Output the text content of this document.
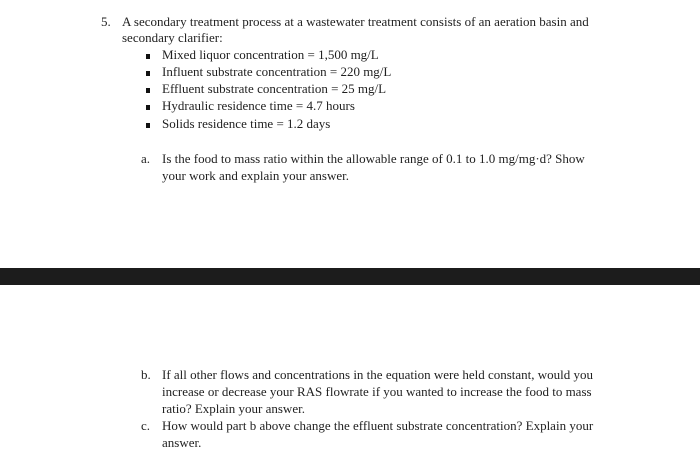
5. A secondary treatment process at a wastewater treatment consists of an aeration basin and
secondary clarifier:
Mixed liquor concentration = 1,500 mg/L
Influent substrate concentration = 220 mg/L
Effluent substrate concentration = 25 mg/L
Hydraulic residence time = 4.7 hours
Solids residence time = 1.2 days
a. Is the food to mass ratio within the allowable range of 0.1 to 1.0 mg/mg·d? Show
your work and explain your answer.
b. If all other flows and concentrations in the equation were held constant, would you
increase or decrease your RAS flowrate if you wanted to increase the food to mass
ratio? Explain your answer.
c. How would part b above change the effluent substrate concentration? Explain your
answer.
